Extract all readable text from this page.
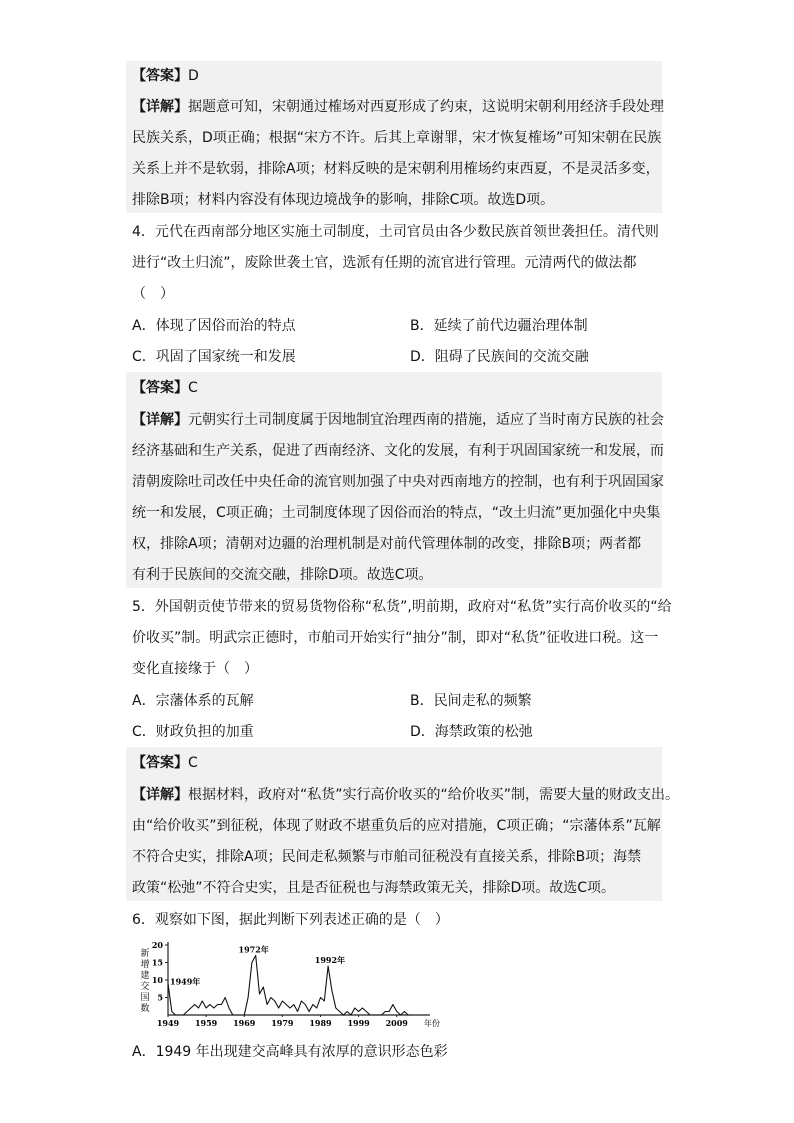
【答案】D
【详解】据题意可知，宋朝通过榷场对西夏形成了约束，这说明宋朝利用经济手段处理
民族关系，D项正确；根据“宋方不许。后其上章谢罪，宋才恢复榷场”可知宋朝在民族
关系上并不是软弱，排除A项；材料反映的是宋朝利用榷场约束西夏，不是灵活多变，
排除B项；材料内容没有体现边境战争的影响，排除C项。故选D项。
4．元代在西南部分地区实施土司制度，土司官员由各少数民族首领世袭担任。清代则
进行“改土归流”，废除世袭土官，选派有任期的流官进行管理。元清两代的做法都
（　）
A．体现了因俗而治的特点	B．延续了前代边疆治理体制
C．巩固了国家统一和发展	D．阻碍了民族间的交流交融
【答案】C
【详解】元朝实行土司制度属于因地制宜治理西南的措施，适应了当时南方民族的社会
经济基础和生产关系，促进了西南经济、文化的发展，有利于巩固国家统一和发展，而
清朝废除吐司改任中央任命的流官则加强了中央对西南地方的控制，也有利于巩固国家
统一和发展，C项正确；土司制度体现了因俗而治的特点，“改土归流”更加强化中央集
权，排除A项；清朝对边疆的治理机制是对前代管理体制的改变，排除B项；两者都
有利于民族间的交流交融，排除D项。故选C项。
5．外国朝贡使节带来的贸易货物俗称“私货”,明前期，政府对“私货”实行高价收买的“给
价收买”制。明武宗正德时，市舶司开始实行“抽分”制，即对“私货”征收进口税。这一
变化直接缘于（　）
A．宗藩体系的瓦解	B．民间走私的频繁
C．财政负担的加重	D．海禁政策的松弛
【答案】C
【详解】根据材料，政府对“私货”实行高价收买的“给价收买”制，需要大量的财政支出。
由“给价收买”到征税，体现了财政不堪重负后的应对措施，C项正确；“宗藩体系”瓦解
不符合史实，排除A项；民间走私频繁与市舶司征税没有直接关系，排除B项；海禁
政策“松弛”不符合史实，且是否征税也与海禁政策无关，排除D项。故选C项。
6．观察如下图，据此判断下列表述正确的是（　）
5
10
15
20
新
增
建
交
国
数
1949 1959 1969 1979 1989 1999 2009 年份
1949年
1972年
1992年
A．1949 年出现建交高峰具有浓厚的意识形态色彩
